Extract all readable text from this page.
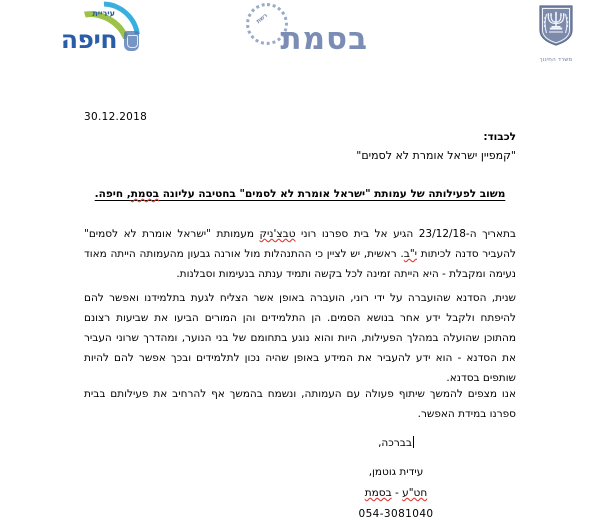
עיריית
חיפה
רשת
בסמת
משרד החינוך
30.12.2018
לכבוד:
"קמפיין ישראל אומרת לא לסמים"
משוב לפעילותה של עמותת "ישראל אומרת לא לסמים" בחטיבה עליונה בסמת, חיפה.
בתאריך ה-23/12/18 הגיע אל בית ספרנו רוני טבצ'ניק מעמותת "ישראל אומרת לא לסמים" להעביר סדנה לכיתות י"ב. ראשית, יש לציין כי ההתנהלות מול אורנה גבעון מהעמותה הייתה מאוד נעימה ומקבלת - היא הייתה זמינה לכל בקשה ותמיד ענתה בנעימות וסבלנות.
שנית, הסדנא שהועברה על ידי רוני, הועברה באופן אשר הצליח לגעת בתלמידנו ואפשר להם להיפתח ולקבל ידע אחר בנושא הסמים. הן התלמידים והן המורים הביעו את שביעות רצונם מהתוכן שהועלה במהלך הפעילות, היות והוא נוגע בתחומם של בני הנוער, ומהדרך שרוני העביר את הסדנא - הוא ידע להעביר את המידע באופן שהיה נכון לתלמידים ובכך אפשר להם להיות שותפים בסדנא.
אנו מצפים להמשך שיתוף פעולה עם העמותה, ונשמח בהמשך אף להרחיב את פעילותם בבית ספרנו במידת האפשר.
בברכה,
עידית גוטמן,
חט"ע - בסמת
054-3081040
